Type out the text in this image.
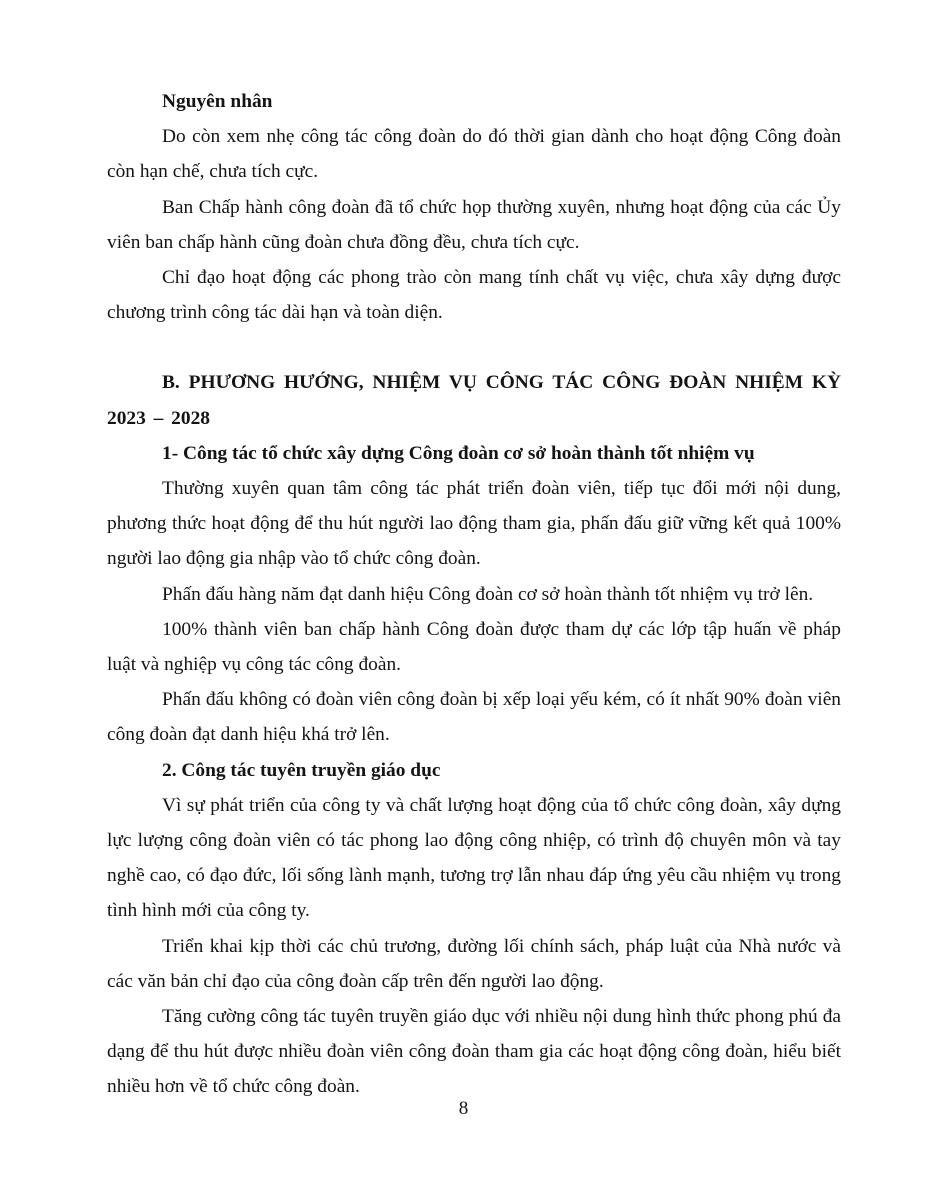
Nguyên nhân

Do còn xem nhẹ công tác công đoàn do đó thời gian dành cho hoạt động Công đoàn còn hạn chế, chưa tích cực.

Ban Chấp hành công đoàn đã tổ chức họp thường xuyên, nhưng hoạt động của các Ủy viên ban chấp hành cũng đoàn chưa đồng đều, chưa tích cực.

Chỉ đạo hoạt động các phong trào còn mang tính chất vụ việc, chưa xây dựng được chương trình công tác dài hạn và toàn diện.

B. PHƯƠNG HƯỚNG, NHIỆM VỤ CÔNG TÁC CÔNG ĐOÀN NHIỆM KỲ 2023 – 2028

1- Công tác tổ chức xây dựng Công đoàn cơ sở hoàn thành tốt nhiệm vụ

Thường xuyên quan tâm công tác phát triển đoàn viên, tiếp tục đổi mới nội dung, phương thức hoạt động để thu hút người lao động tham gia, phấn đấu giữ vững kết quả 100% người lao động gia nhập vào tổ chức công đoàn.

Phấn đấu hàng năm đạt danh hiệu Công đoàn cơ sở hoàn thành tốt nhiệm vụ trở lên.

100% thành viên ban chấp hành Công đoàn được tham dự các lớp tập huấn về pháp luật và nghiệp vụ công tác công đoàn.

Phấn đấu không có đoàn viên công đoàn bị xếp loại yếu kém, có ít nhất 90% đoàn viên công đoàn đạt danh hiệu khá trở lên.

2. Công tác tuyên truyền giáo dục

Vì sự phát triển của công ty và chất lượng hoạt động của tổ chức công đoàn, xây dựng lực lượng công đoàn viên có tác phong lao động công nhiệp, có trình độ chuyên môn và tay nghề cao, có đạo đức, lối sống lành mạnh, tương trợ lẫn nhau đáp ứng yêu cầu nhiệm vụ trong tình hình mới của công ty.

Triển khai kịp thời các chủ trương, đường lối chính sách, pháp luật của Nhà nước và các văn bản chỉ đạo của công đoàn cấp trên đến người lao động.

Tăng cường công tác tuyên truyền giáo dục với nhiều nội dung hình thức phong phú đa dạng để thu hút được nhiều đoàn viên công đoàn tham gia các hoạt động công đoàn, hiểu biết nhiều hơn về tổ chức công đoàn.

8
